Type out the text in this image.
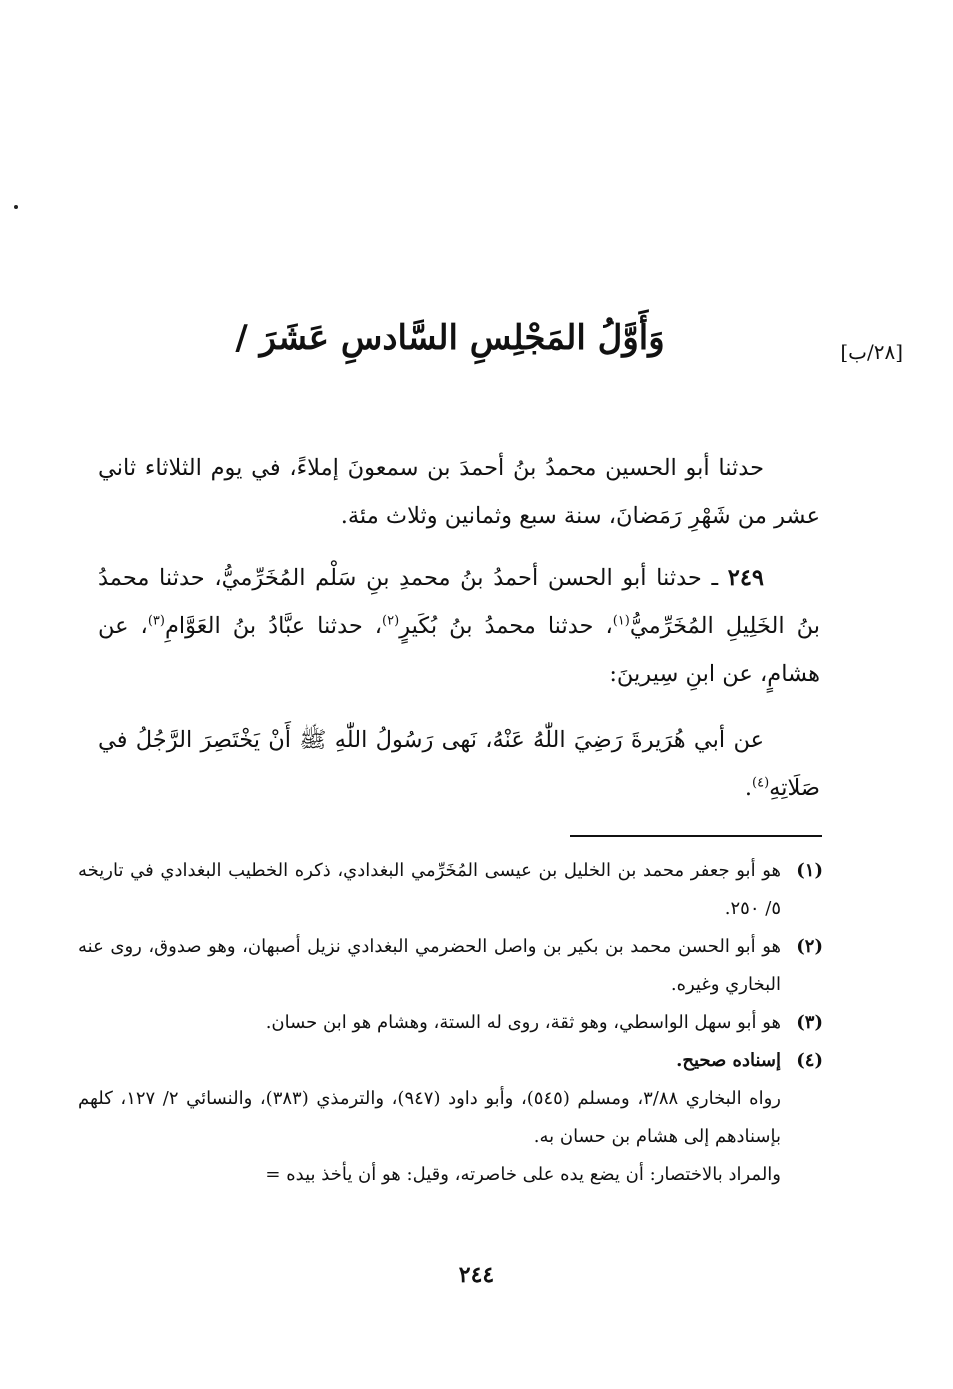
[٢٨/ب]
وَأَوَّلُ المَجْلِسِ السَّادسِ عَشَرَ /

حدثنا أبو الحسين محمدُ بنُ أحمدَ بن سمعونَ إملاءً، في يوم الثلاثاء ثاني عشر من شَهْرِ رَمَضانَ، سنة سبع وثمانين وثلاث مئة.

٢٤٩ ـ حدثنا أبو الحسن أحمدُ بنُ محمدِ بنِ سَلْم المُخَرِّميُّ، حدثنا محمدُ بنُ الخَلِيلِ المُخَرِّميُّ$^{(١)}$، حدثنا محمدُ بنُ بُكَيرٍ$^{(٢)}$، حدثنا عبَّادُ بنُ العَوَّامِ$^{(٣)}$، عن هشامٍ، عن ابنِ سِيرينَ:

عن أبي هُرَيرةَ رَضِيَ اللّٰهُ عَنْهُ، نَهى رَسُولُ اللّٰهِ ﷺ أَنْ يَخْتَصِرَ الرَّجُلُ في صَلَاتِهِ$^{(٤)}$.

(١)
هو أبو جعفر محمد بن الخليل بن عيسى المُخَرِّمي البغدادي، ذكره الخطيب البغدادي في تاريخه ٥/ ٢٥٠.
(٢)
هو أبو الحسن محمد بن بكير بن واصل الحضرمي البغدادي نزيل أصبهان، وهو صدوق، روى عنه البخاري وغيره.
(٣)
هو أبو سهل الواسطي، وهو ثقة، روى له الستة، وهشام هو ابن حسان.
(٤)
إسناده صحيح.

رواه البخاري ٣/٨٨، ومسلم (٥٤٥)، وأبو داود (٩٤٧)، والترمذي (٣٨٣)، والنسائي ٢/ ١٢٧، كلهم بإسنادهم إلى هشام بن حسان به.

والمراد بالاختصار: أن يضع يده على خاصرته، وقيل: هو أن يأخذ بيده =

٢٤٤
